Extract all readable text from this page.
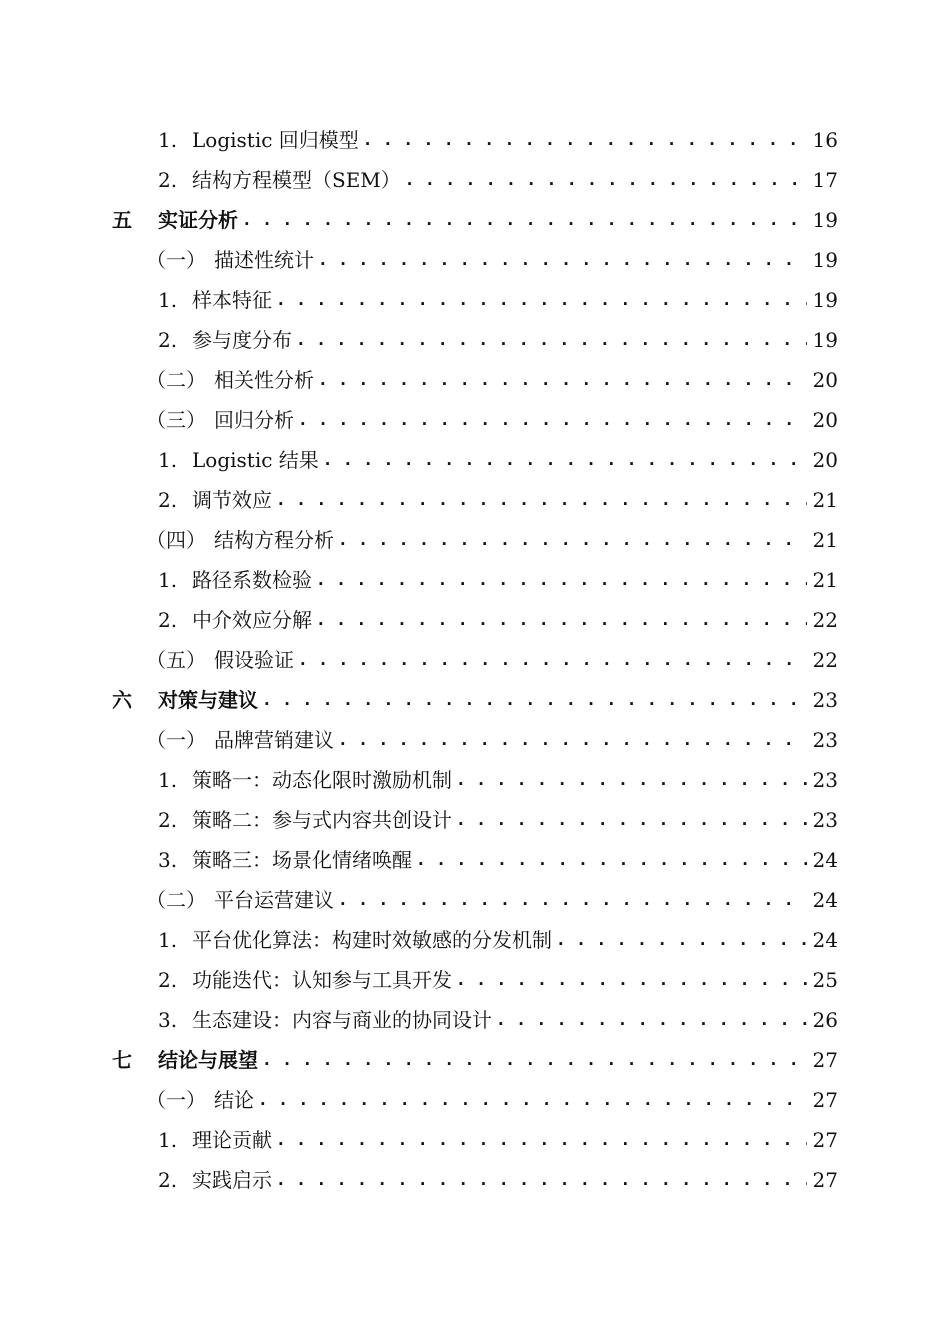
1. Logistic 回归模型 . . .	16
2. 结构方程模型（SEM） . . .	17
五	实证分析 . . .	19
（一） 描述性统计 . . .	19
1. 样本特征 . . .	19
2. 参与度分布 . . .	19
（二） 相关性分析 . . .	20
（三） 回归分析 . . .	20
1. Logistic 结果 . . .	20
2. 调节效应 . . .	21
（四） 结构方程分析 . . .	21
1. 路径系数检验 . . .	21
2. 中介效应分解 . . .	22
（五） 假设验证 . . .	22
六	对策与建议 . . .	23
（一） 品牌营销建议 . . .	23
1. 策略一：动态化限时激励机制 . . .	23
2. 策略二：参与式内容共创设计 . . .	23
3. 策略三：场景化情绪唤醒 . . .	24
（二） 平台运营建议 . . .	24
1. 平台优化算法：构建时效敏感的分发机制 . . .	24
2. 功能迭代：认知参与工具开发 . . .	25
3. 生态建设：内容与商业的协同设计 . . .	26
七	结论与展望 . . .	27
（一） 结论 . . .	27
1. 理论贡献 . . .	27
2. 实践启示 . . .	27
